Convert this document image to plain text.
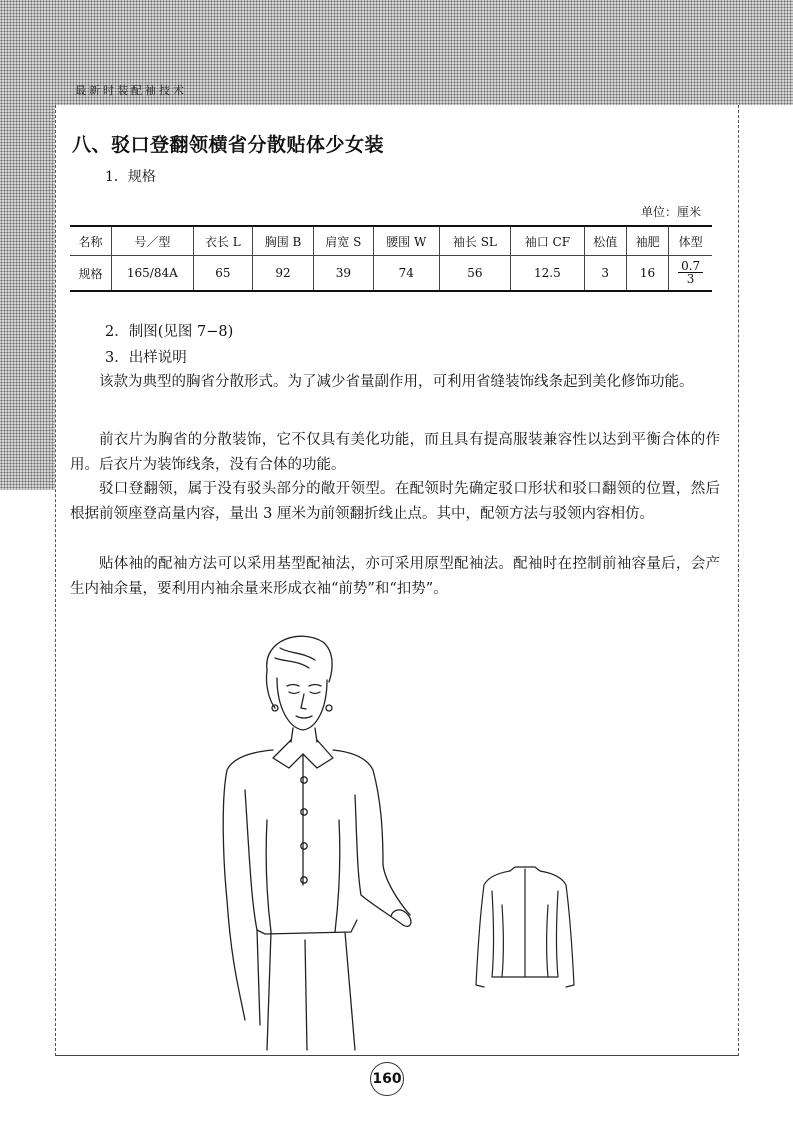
最新时装配袖技术
八、驳口登翻领横省分散贴体少女装
1．规格
单位：厘米
名称	号／型	衣长 L	胸围 B	肩宽 S	腰围 W	袖长 SL	袖口 CF	松值	袖肥	体型
规格	165/84A	65	92	39	74	56	12.5	3	16	$\frac{0.7}{3}$
2．制图(见图 7−8)
3．出样说明
该款为典型的胸省分散形式。为了减少省量副作用，可利用省缝装饰线条起到美化修饰功能。
前衣片为胸省的分散装饰，它不仅具有美化功能，而且具有提高服装兼容性以达到平衡合体的作用。后衣片为装饰线条，没有合体的功能。
驳口登翻领，属于没有驳头部分的敞开领型。在配领时先确定驳口形状和驳口翻领的位置，然后根据前领座登高量内容，量出 3 厘米为前领翻折线止点。其中，配领方法与驳领内容相仿。
贴体袖的配袖方法可以采用基型配袖法，亦可采用原型配袖法。配袖时在控制前袖容量后，会产生内袖余量，要利用内袖余量来形成衣袖“前势”和“扣势”。
160
